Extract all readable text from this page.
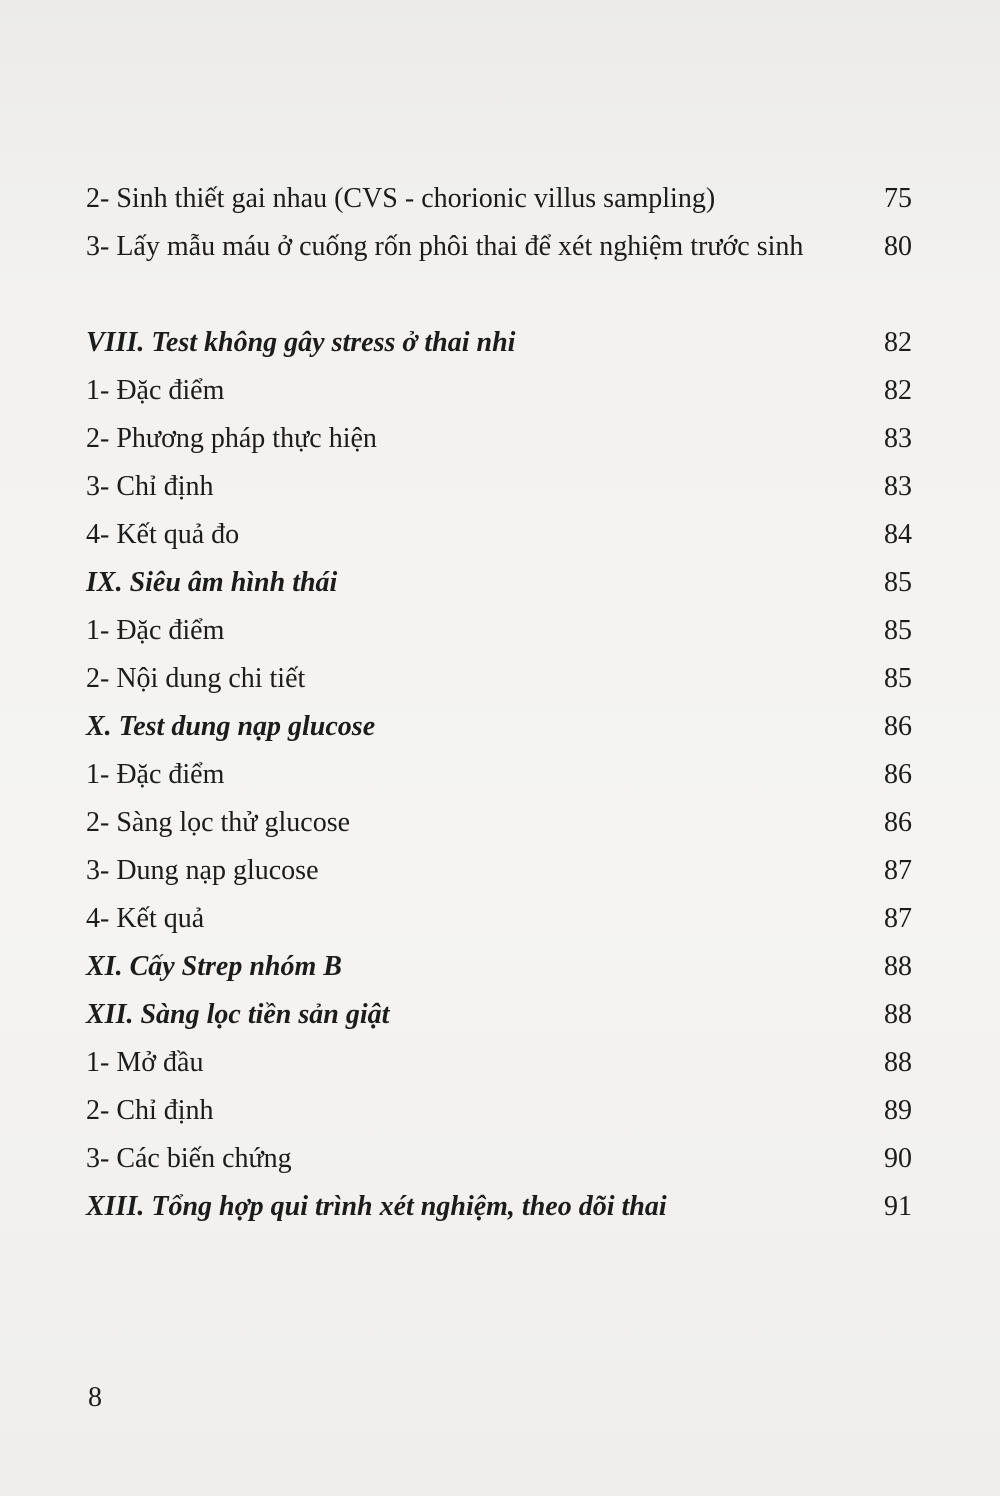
2- Sinh thiết gai nhau (CVS - chorionic villus sampling)	75
3- Lấy mẫu máu ở cuống rốn phôi thai để xét nghiệm trước sinh	80
VIII. Test không gây stress ở thai nhi	82
1- Đặc điểm	82
2- Phương pháp thực hiện	83
3- Chỉ định	83
4- Kết quả đo	84
IX. Siêu âm hình thái	85
1- Đặc điểm	85
2- Nội dung chi tiết	85
X. Test dung nạp glucose	86
1- Đặc điểm	86
2- Sàng lọc thử glucose	86
3- Dung nạp glucose	87
4- Kết quả	87
XI. Cấy Strep nhóm B	88
XII. Sàng lọc tiền sản giật	88
1- Mở đầu	88
2- Chỉ định	89
3- Các biến chứng	90
XIII. Tổng hợp qui trình xét nghiệm, theo dõi thai	91
8
